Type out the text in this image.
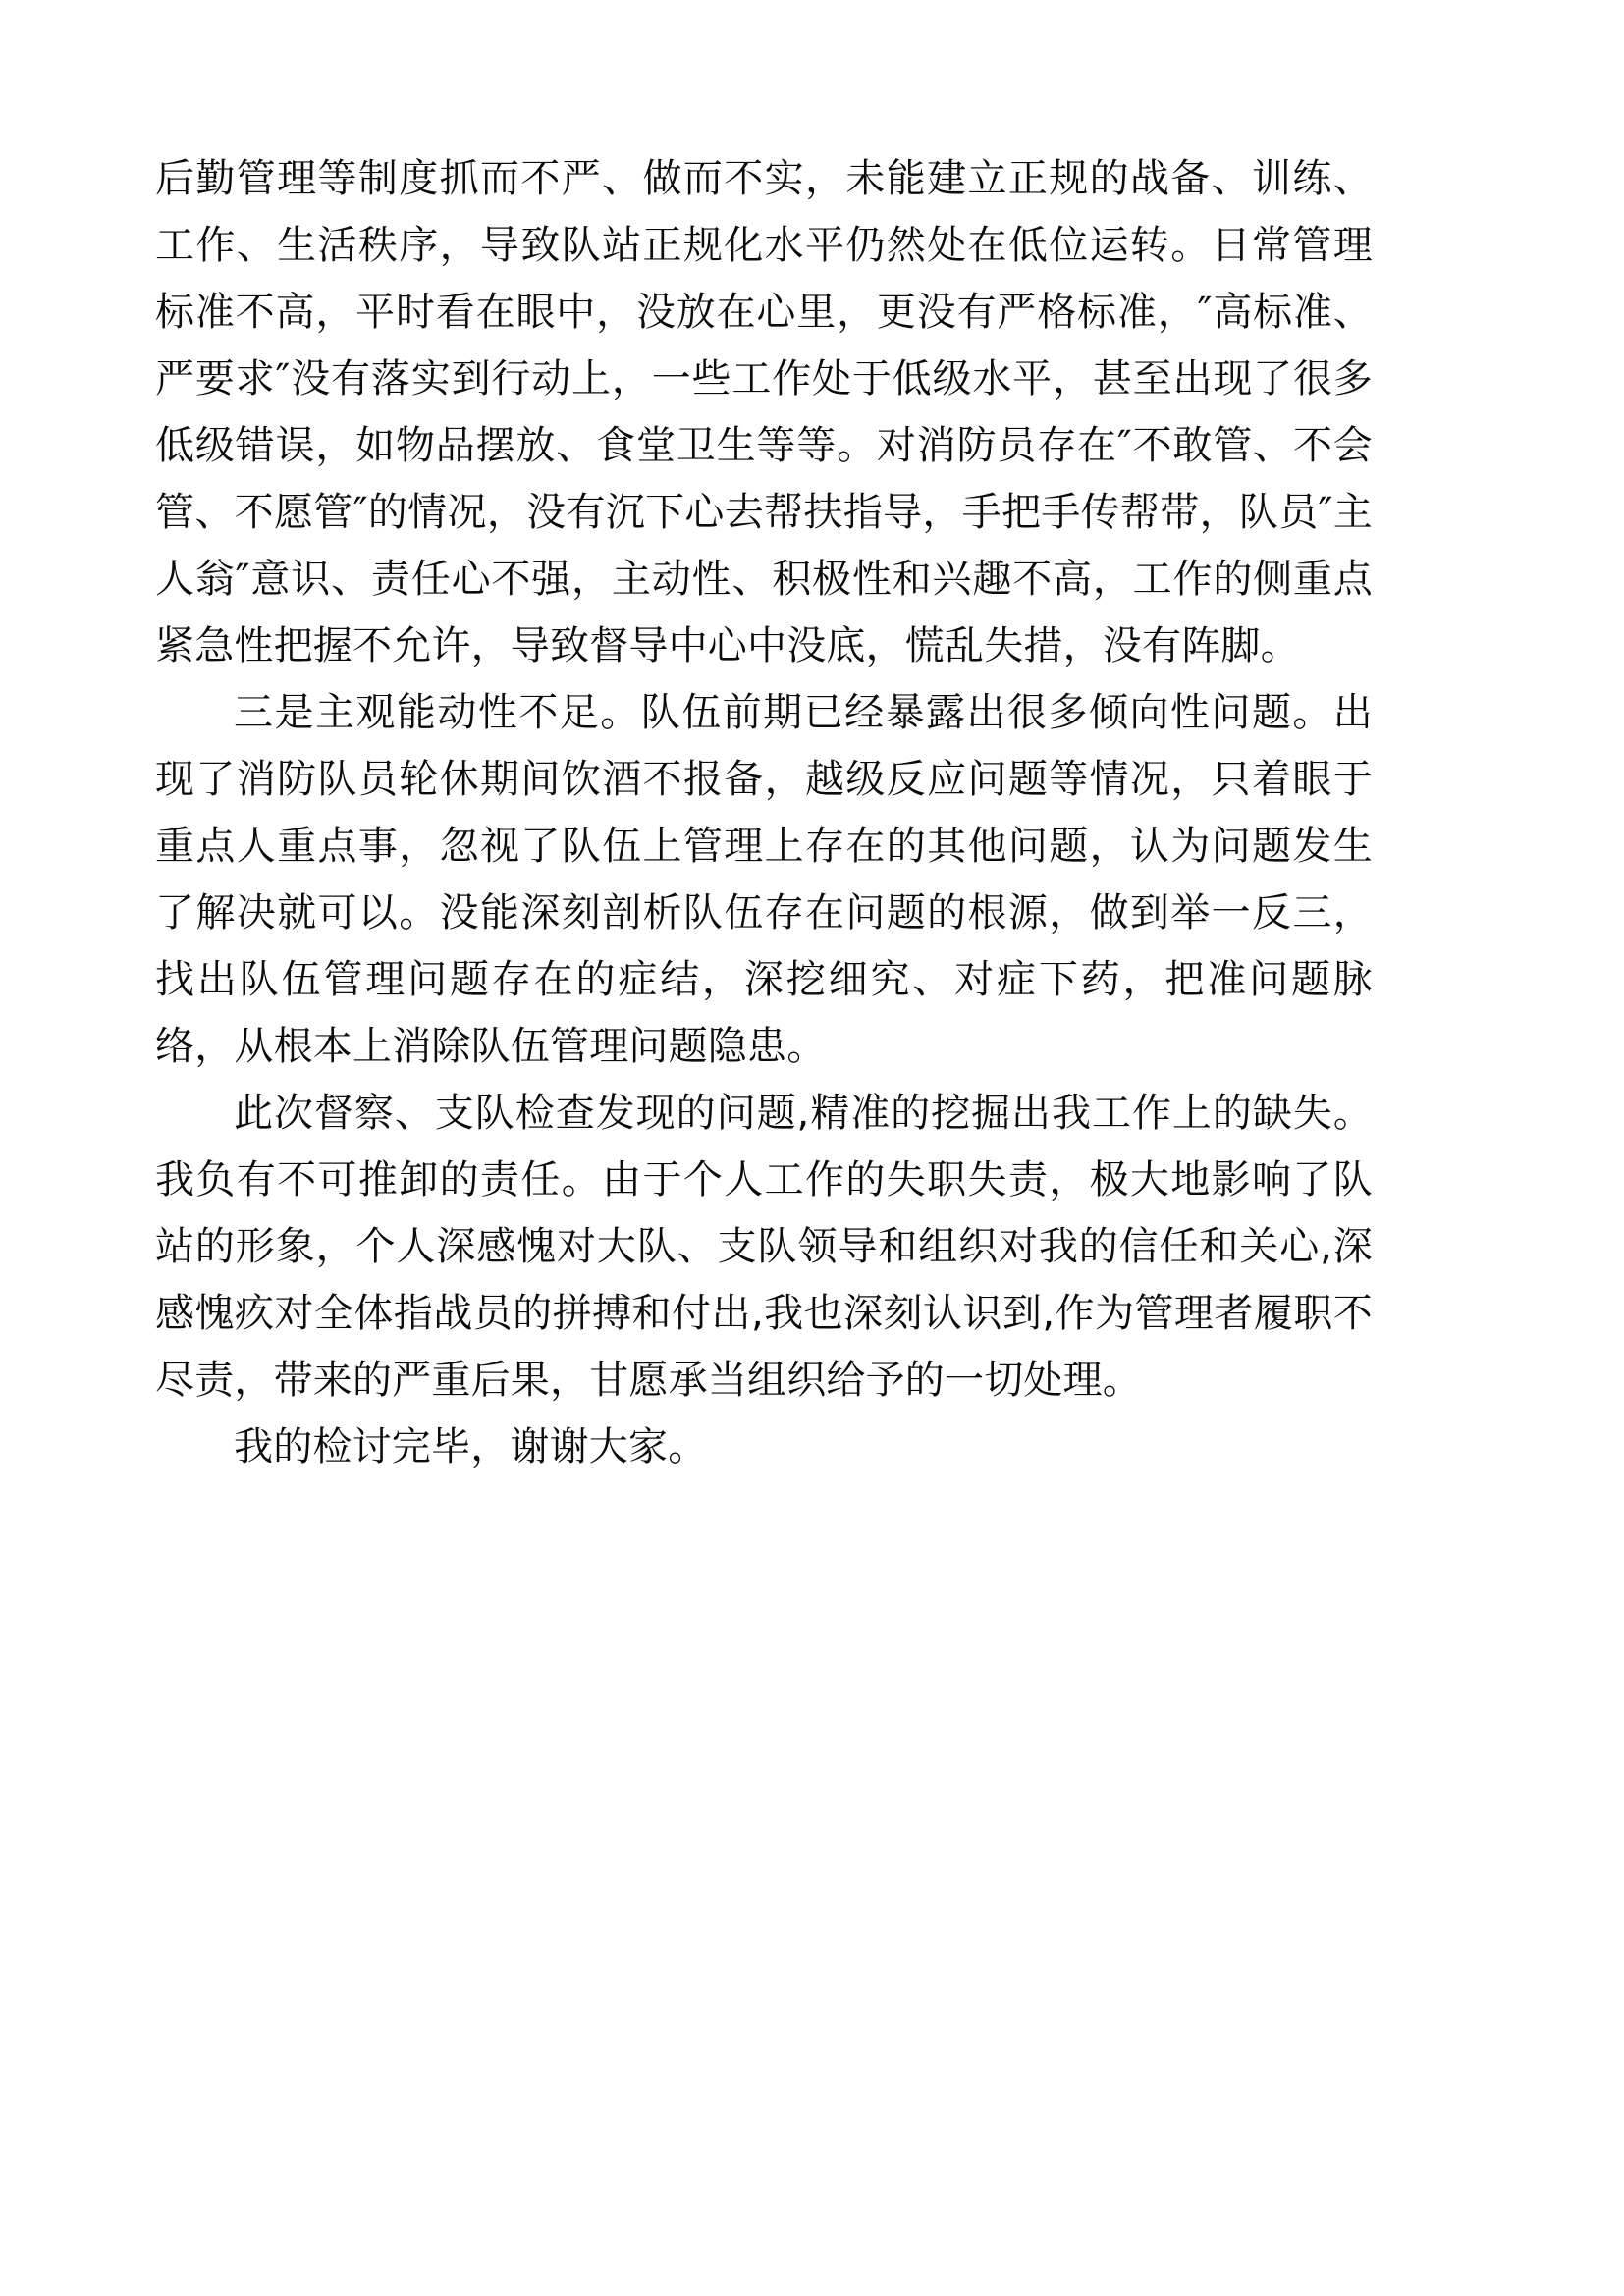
后勤管理等制度抓而不严、做而不实，未能建立正规的战备、训练、工作、生活秩序，导致队站正规化水平仍然处在低位运转。日常管理标准不高，平时看在眼中，没放在心里，更没有严格标准，″高标准、严要求″没有落实到行动上，一些工作处于低级水平，甚至出现了很多低级错误，如物品摆放、食堂卫生等等。对消防员存在″不敢管、不会管、不愿管″的情况，没有沉下心去帮扶指导，手把手传帮带，队员″主人翁″意识、责任心不强，主动性、积极性和兴趣不高，工作的侧重点紧急性把握不允许，导致督导中心中没底，慌乱失措，没有阵脚。

三是主观能动性不足。队伍前期已经暴露出很多倾向性问题。出现了消防队员轮休期间饮酒不报备，越级反应问题等情况，只着眼于重点人重点事，忽视了队伍上管理上存在的其他问题，认为问题发生了解决就可以。没能深刻剖析队伍存在问题的根源，做到举一反三，找出队伍管理问题存在的症结，深挖细究、对症下药，把准问题脉络，从根本上消除队伍管理问题隐患。

此次督察、支队检查发现的问题,精准的挖掘出我工作上的缺失。我负有不可推卸的责任。由于个人工作的失职失责，极大地影响了队站的形象，个人深感愧对大队、支队领导和组织对我的信任和关心,深感愧疚对全体指战员的拼搏和付出,我也深刻认识到,作为管理者履职不尽责，带来的严重后果，甘愿承当组织给予的一切处理。

我的检讨完毕，谢谢大家。
